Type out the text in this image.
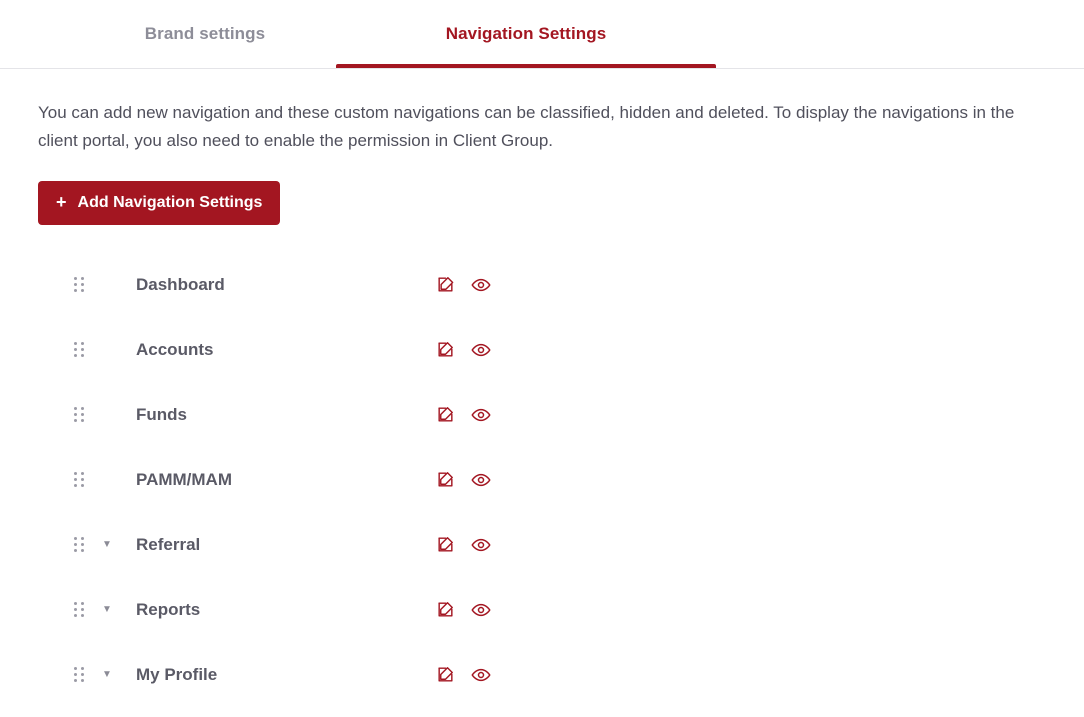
Brand settings	Navigation Settings

You can add new navigation and these custom navigations can be classified, hidden and deleted. To display the navigations in the client portal, you also need to enable the permission in Client Group.

+ Add Navigation Settings
Dashboard
Accounts
Funds
PAMM/MAM
▼	Referral
▼	Reports
▼	My Profile
